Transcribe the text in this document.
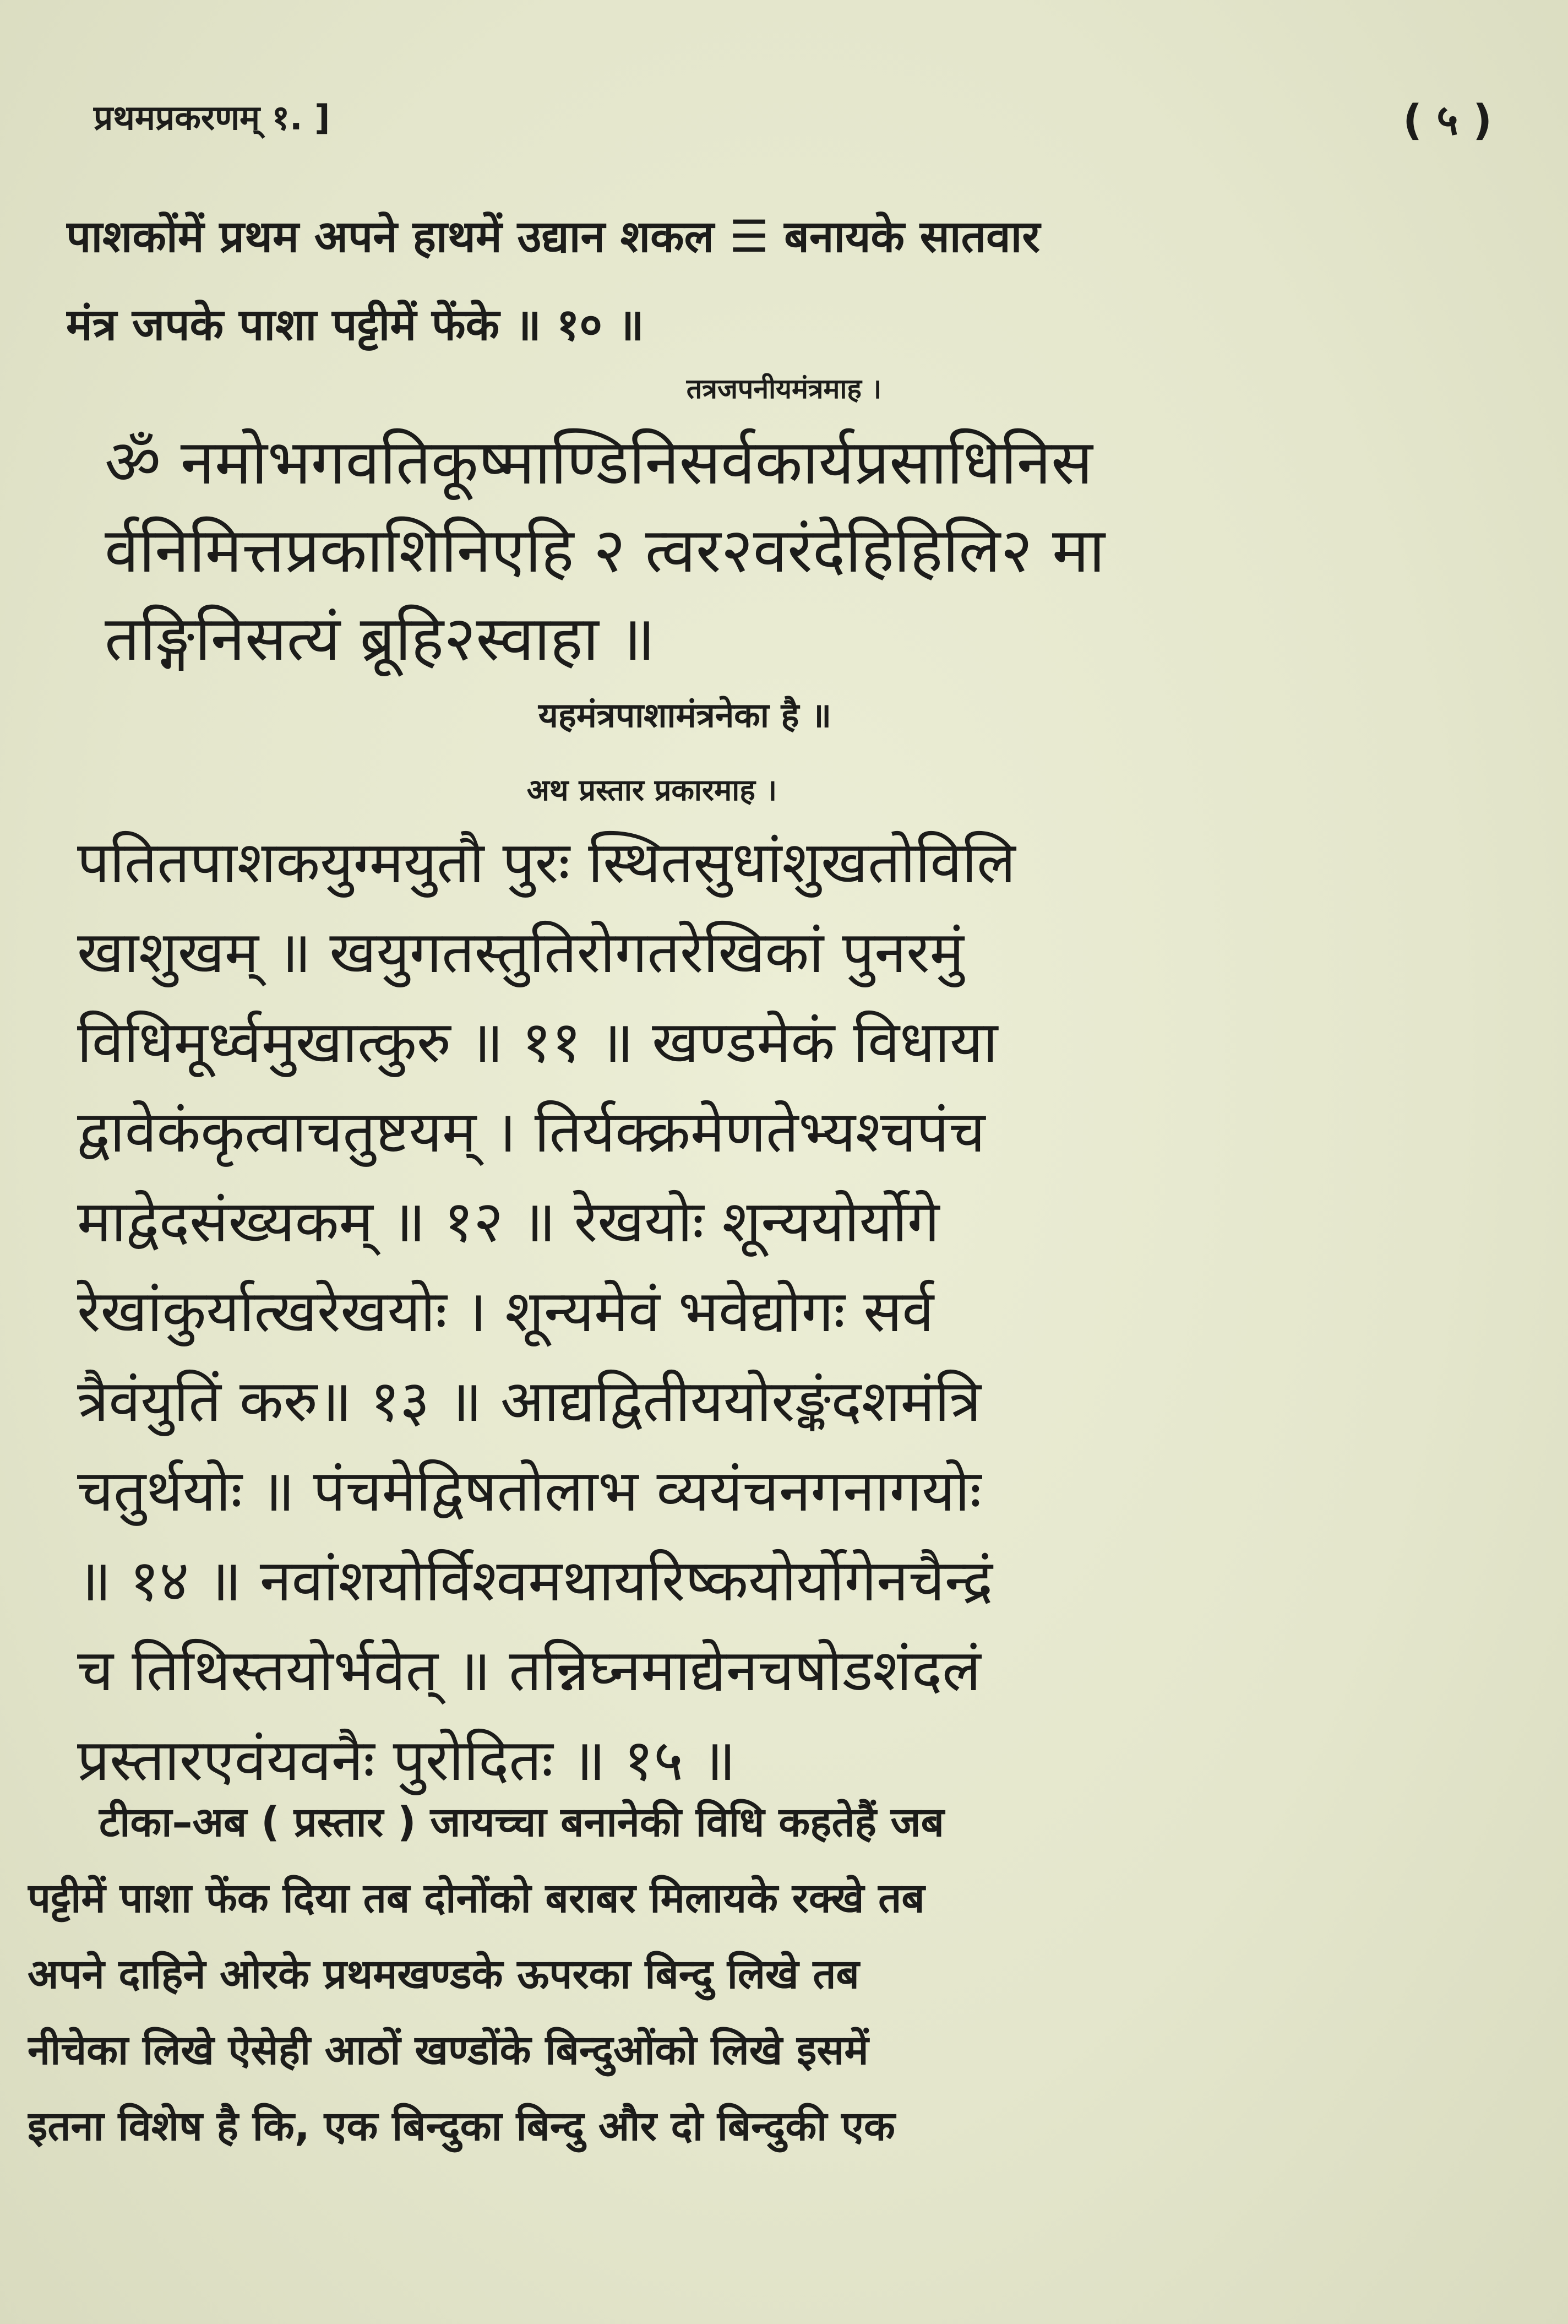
प्रथमप्रकरणम् १. ]	( ५ )
पाशकोंमें प्रथम अपने हाथमें उद्यान शकल ☰ बनायके सातवार
मंत्र जपके पाशा पट्टीमें फेंके ॥ १० ॥
तत्रजपनीयमंत्रमाह ।
ॐ नमोभगवतिकूष्माण्डिनिसर्वकार्यप्रसाधिनिस
र्वनिमित्तप्रकाशिनिएहि २ त्वर२वरंदेहिहिलि२ मा
तङ्गिनिसत्यं ब्रूहि२स्वाहा ॥
यहमंत्रपाशामंत्रनेका है ॥
अथ प्रस्तार प्रकारमाह ।
पतितपाशकयुग्मयुतौ पुरः स्थितसुधांशुखतोविलि
खाशुखम् ॥ खयुगतस्तुतिरोगतरेखिकां पुनरमुं
विधिमूर्ध्वमुखात्कुरु ॥ ११ ॥ खण्डमेकं विधाया
द्वावेकंकृत्वाचतुष्टयम् । तिर्यक्क्रमेणतेभ्यश्चपंच
माद्वेदसंख्यकम् ॥ १२ ॥ रेखयोः शून्ययोर्योगे
रेखांकुर्यात्खरेखयोः । शून्यमेवं भवेद्योगः सर्व
त्रैवंयुतिं करु॥ १३ ॥ आद्यद्वितीययोरङ्कंदशमंत्रि
चतुर्थयोः ॥ पंचमेद्विषतोलाभ व्ययंचनगनागयोः
॥ १४ ॥ नवांशयोर्विश्वमथायरिष्कयोर्योगेनचैन्द्रं
च तिथिस्तयोर्भवेत् ॥ तन्निघ्नमाद्येनचषोडशंदलं
प्रस्तारएवंयवनैः पुरोदितः ॥ १५ ॥
टीका–अब ( प्रस्तार ) जायच्चा बनानेकी विधि कहतेहैं जब
पट्टीमें पाशा फेंक दिया तब दोनोंको बराबर मिलायके रक्खे तब
अपने दाहिने ओरके प्रथमखण्डके ऊपरका बिन्दु लिखे तब
नीचेका लिखे ऐसेही आठों खण्डोंके बिन्दुओंको लिखे इसमें
इतना विशेष है कि, एक बिन्दुका बिन्दु और दो बिन्दुकी एक
